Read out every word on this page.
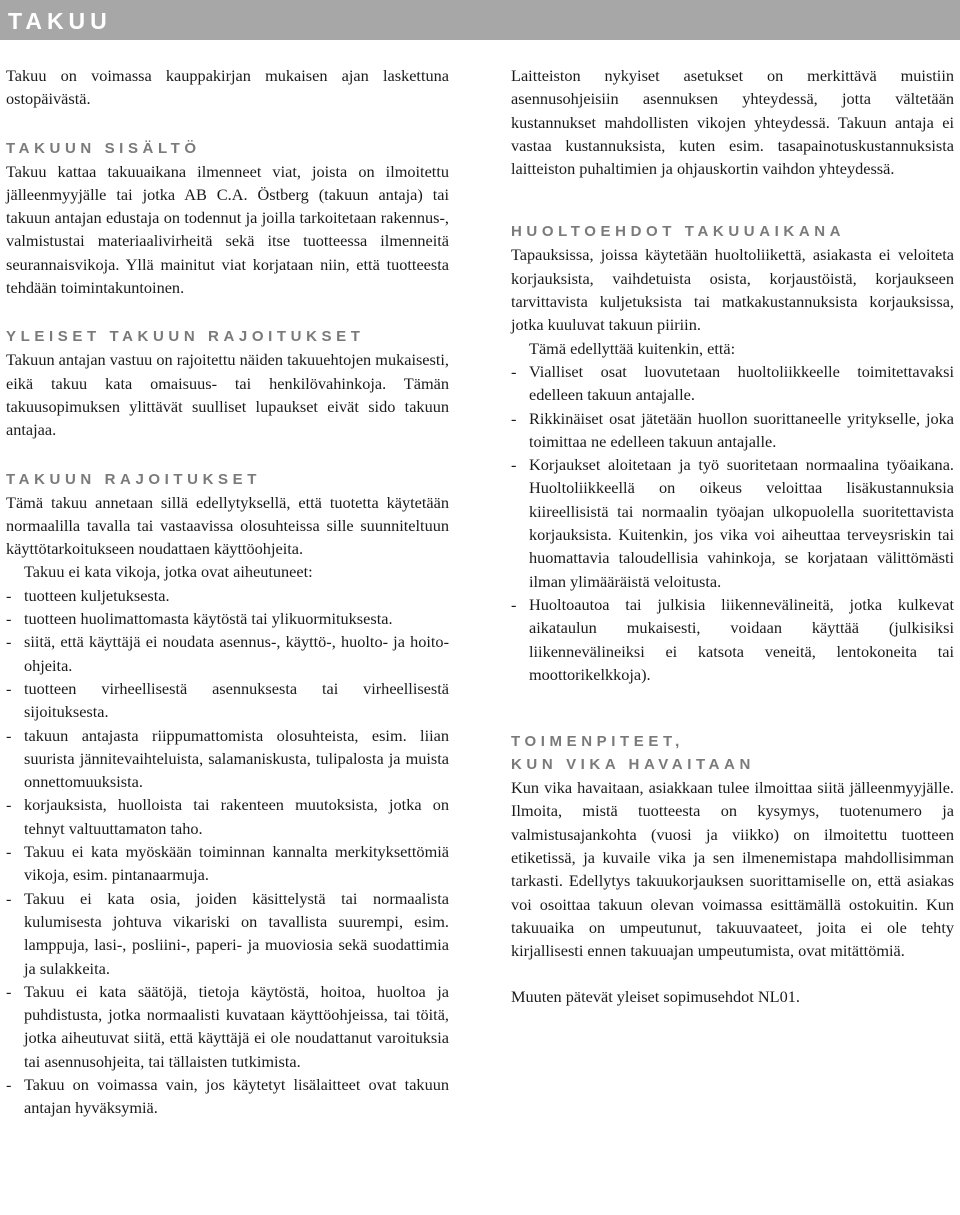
TAKUU

Takuu on voimassa kauppakirjan mukaisen ajan laskettuna ostopäivästä.

TAKUUN SISÄLTÖ

Takuu kattaa takuuaikana ilmenneet viat, joista on ilmoitettu jälleenmyyjälle tai jotka AB C.A. Östberg (takuun antaja) tai takuun antajan edustaja on todennut ja joilla tarkoitetaan rakennus-, valmistustai materiaalivirheitä sekä itse tuotteessa ilmenneitä seurannaisvikoja. Yllä mainitut viat korjataan niin, että tuotteesta tehdään toimintakuntoinen.

YLEISET TAKUUN RAJOITUKSET

Takuun antajan vastuu on rajoitettu näiden takuuehtojen mukaisesti, eikä takuu kata omaisuus- tai henkilövahinkoja. Tämän takuusopimuksen ylittävät suulliset lupaukset eivät sido takuun antajaa.

TAKUUN RAJOITUKSET

Tämä takuu annetaan sillä edellytyksellä, että tuotetta käytetään normaalilla tavalla tai vastaavissa olosuhteissa sille suunniteltuun käyttötarkoitukseen noudattaen käyttöohjeita.

Takuu ei kata vikoja, jotka ovat aiheutuneet:

- tuotteen kuljetuksesta.
- tuotteen huolimattomasta käytöstä tai ylikuormituksesta.
- siitä, että käyttäjä ei noudata asennus-, käyttö-, huolto- ja hoito-ohjeita.
- tuotteen virheellisestä asennuksesta tai virheellisestä sijoituksesta.
- takuun antajasta riippumattomista olosuhteista, esim. liian suurista jännitevaihteluista, salamaniskusta, tulipalosta ja muista onnettomuuksista.
- korjauksista, huolloista tai rakenteen muutoksista, jotka on tehnyt valtuuttamaton taho.
- Takuu ei kata myöskään toiminnan kannalta merkityksettömiä vikoja, esim. pintanaarmuja.
- Takuu ei kata osia, joiden käsittelystä tai normaalista kulumisesta johtuva vikariski on tavallista suurempi, esim. lamppuja, lasi-, posliini-, paperi- ja muoviosia sekä suodattimia ja sulakkeita.
- Takuu ei kata säätöjä, tietoja käytöstä, hoitoa, huoltoa ja puhdistusta, jotka normaalisti kuvataan käyttöohjeissa, tai töitä, jotka aiheutuvat siitä, että käyttäjä ei ole noudattanut varoituksia tai asennusohjeita, tai tällaisten tutkimista.
- Takuu on voimassa vain, jos käytetyt lisälaitteet ovat takuun antajan hyväksymiä.

Laitteiston nykyiset asetukset on merkittävä muistiin asennusohjeisiin asennuksen yhteydessä, jotta vältetään kustannukset mahdollisten vikojen yhteydessä. Takuun antaja ei vastaa kustannuksista, kuten esim. tasapainotuskustannuksista laitteiston puhaltimien ja ohjauskortin vaihdon yhteydessä.

HUOLTOEHDOT TAKUUAIKANA

Tapauksissa, joissa käytetään huoltoliikettä, asiakasta ei veloiteta korjauksista, vaihdetuista osista, korjaustöistä, korjaukseen tarvittavista kuljetuksista tai matkakustannuksista korjauksissa, jotka kuuluvat takuun piiriin.

Tämä edellyttää kuitenkin, että:

- Vialliset osat luovutetaan huoltoliikkeelle toimitettavaksi edelleen takuun antajalle.
- Rikkinäiset osat jätetään huollon suorittaneelle yritykselle, joka toimittaa ne edelleen takuun antajalle.
- Korjaukset aloitetaan ja työ suoritetaan normaalina työaikana. Huoltoliikkeellä on oikeus veloittaa lisäkustannuksia kiireellisistä tai normaalin työajan ulkopuolella suoritettavista korjauksista. Kuitenkin, jos vika voi aiheuttaa terveysriskin tai huomattavia taloudellisia vahinkoja, se korjataan välittömästi ilman ylimääräistä veloitusta.
- Huoltoautoa tai julkisia liikennevälineitä, jotka kulkevat aikataulun mukaisesti, voidaan käyttää (julkisiksi liikennevälineiksi ei katsota veneitä, lentokoneita tai moottorikelkkoja).
TOIMENPITEET,
KUN VIKA HAVAITAAN

Kun vika havaitaan, asiakkaan tulee ilmoittaa siitä jälleenmyyjälle. Ilmoita, mistä tuotteesta on kysymys, tuotenumero ja valmistusajankohta (vuosi ja viikko) on ilmoitettu tuotteen etiketissä, ja kuvaile vika ja sen ilmenemistapa mahdollisimman tarkasti. Edellytys takuukorjauksen suorittamiselle on, että asiakas voi osoittaa takuun olevan voimassa esittämällä ostokuitin. Kun takuuaika on umpeutunut, takuuvaateet, joita ei ole tehty kirjallisesti ennen takuuajan umpeutumista, ovat mitättömiä.

Muuten pätevät yleiset sopimusehdot NL01.
